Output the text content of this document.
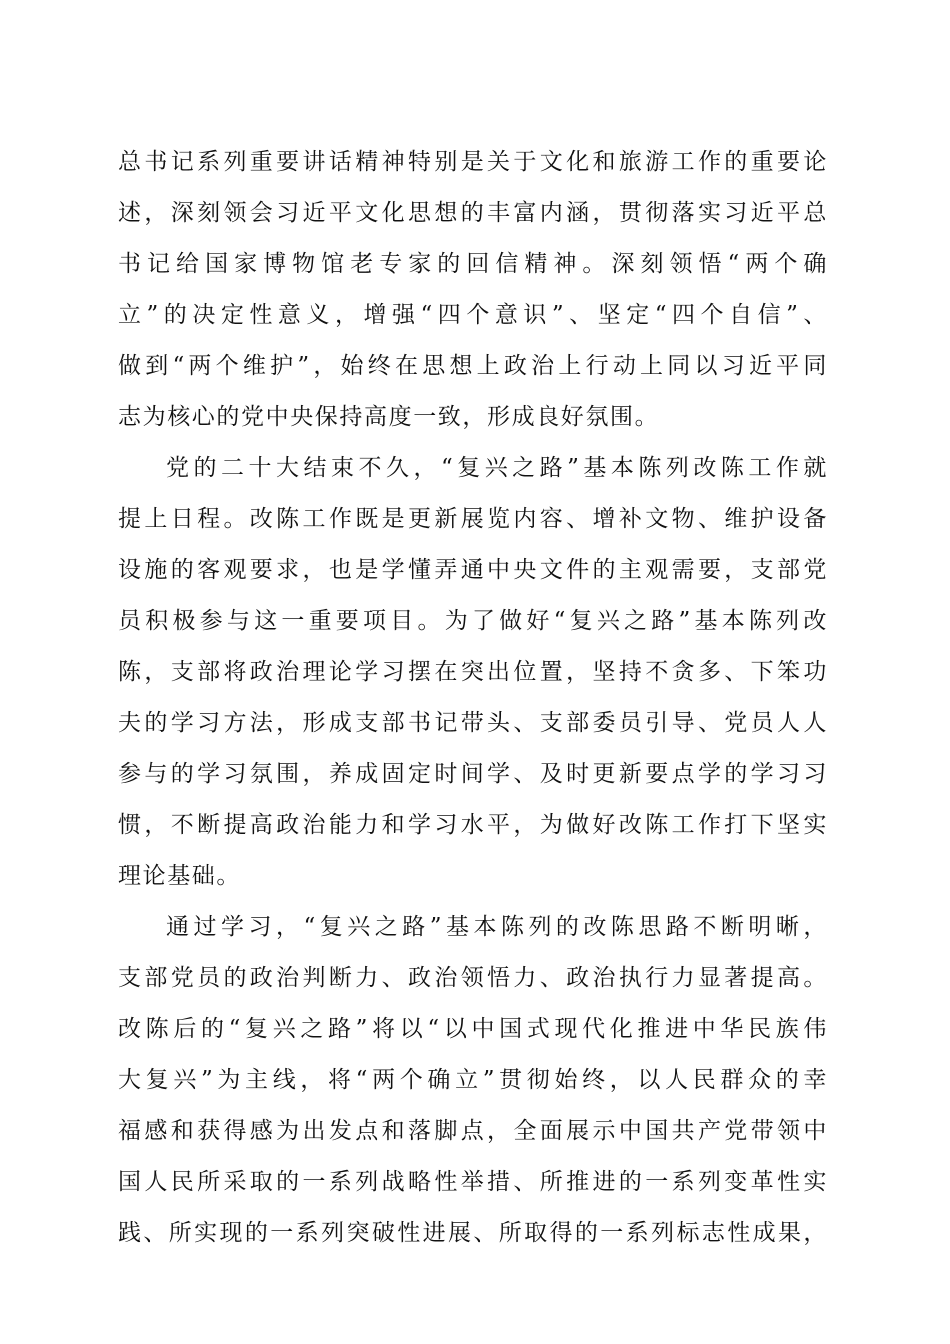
总书记系列重要讲话精神特别是关于文化和旅游工作的重要论
述，深刻领会习近平文化思想的丰富内涵，贯彻落实习近平总
书记给国家博物馆老专家的回信精神。深刻领悟“两个确
立”的决定性意义，增强“四个意识”、坚定“四个自信”、
做到“两个维护”，始终在思想上政治上行动上同以习近平同
志为核心的党中央保持高度一致，形成良好氛围。
党的二十大结束不久，“复兴之路”基本陈列改陈工作就
提上日程。改陈工作既是更新展览内容、增补文物、维护设备
设施的客观要求，也是学懂弄通中央文件的主观需要，支部党
员积极参与这一重要项目。为了做好“复兴之路”基本陈列改
陈，支部将政治理论学习摆在突出位置，坚持不贪多、下笨功
夫的学习方法，形成支部书记带头、支部委员引导、党员人人
参与的学习氛围，养成固定时间学、及时更新要点学的学习习
惯，不断提高政治能力和学习水平，为做好改陈工作打下坚实
理论基础。
通过学习，“复兴之路”基本陈列的改陈思路不断明晰，
支部党员的政治判断力、政治领悟力、政治执行力显著提高。
改陈后的“复兴之路”将以“以中国式现代化推进中华民族伟
大复兴”为主线，将“两个确立”贯彻始终，以人民群众的幸
福感和获得感为出发点和落脚点，全面展示中国共产党带领中
国人民所采取的一系列战略性举措、所推进的一系列变革性实
践、所实现的一系列突破性进展、所取得的一系列标志性成果，
